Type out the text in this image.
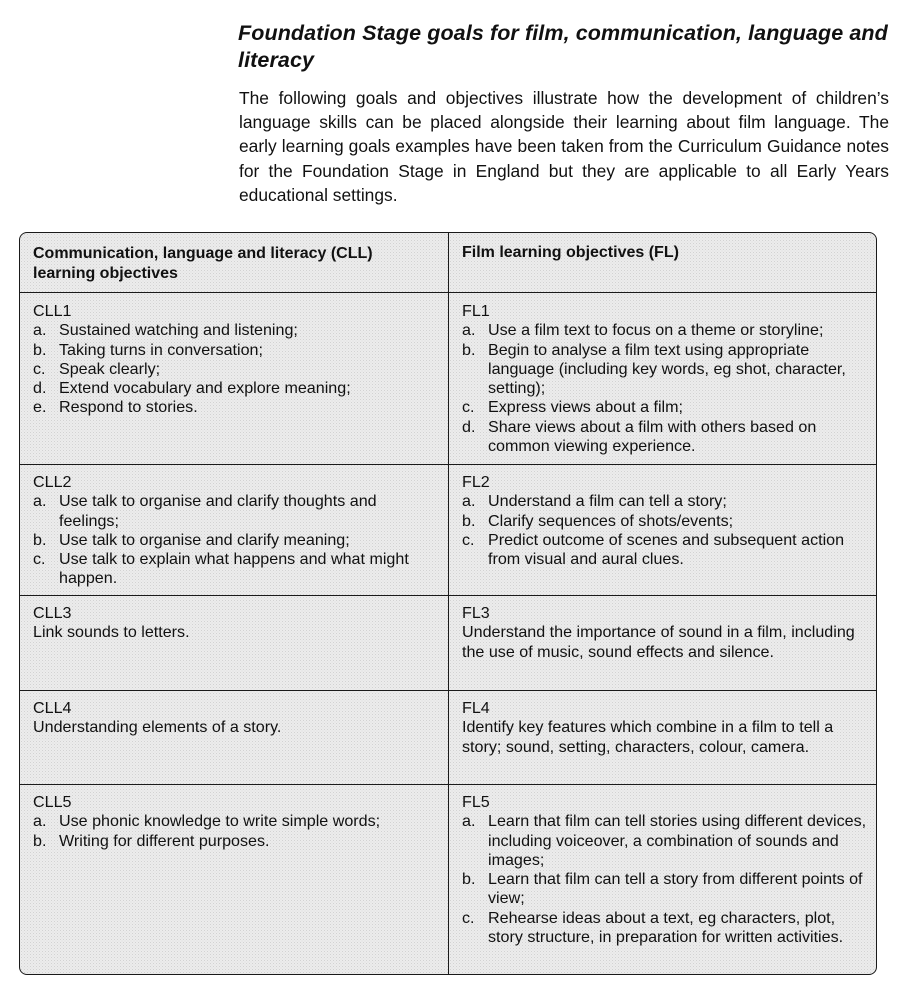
Foundation Stage goals for film, communication, language and literacy
The following goals and objectives illustrate how the development of children’s language skills can be placed alongside their learning about film language. The early learning goals examples have been taken from the Curriculum Guidance notes for the Foundation Stage in England but they are applicable to all Early Years educational settings.
Communication, language and literacy (CLL) learning objectives
Film learning objectives (FL)
CLL1
a. Sustained watching and listening;
b. Taking turns in conversation;
c. Speak clearly;
d. Extend vocabulary and explore meaning;
e. Respond to stories.
FL1
a. Use a film text to focus on a theme or storyline;
b. Begin to analyse a film text using appropriate language (including key words, eg shot, character, setting);
c. Express views about a film;
d. Share views about a film with others based on common viewing experience.
CLL2
a. Use talk to organise and clarify thoughts and feelings;
b. Use talk to organise and clarify meaning;
c. Use talk to explain what happens and what might happen.
FL2
a. Understand a film can tell a story;
b. Clarify sequences of shots/events;
c. Predict outcome of scenes and subsequent action from visual and aural clues.
CLL3
Link sounds to letters.
FL3
Understand the importance of sound in a film, including the use of music, sound effects and silence.
CLL4
Understanding elements of a story.
FL4
Identify key features which combine in a film to tell a story; sound, setting, characters, colour, camera.
CLL5
a. Use phonic knowledge to write simple words;
b. Writing for different purposes.
FL5
a. Learn that film can tell stories using different devices, including voiceover, a combination of sounds and images;
b. Learn that film can tell a story from different points of view;
c. Rehearse ideas about a text, eg characters, plot, story structure, in preparation for written activities.
